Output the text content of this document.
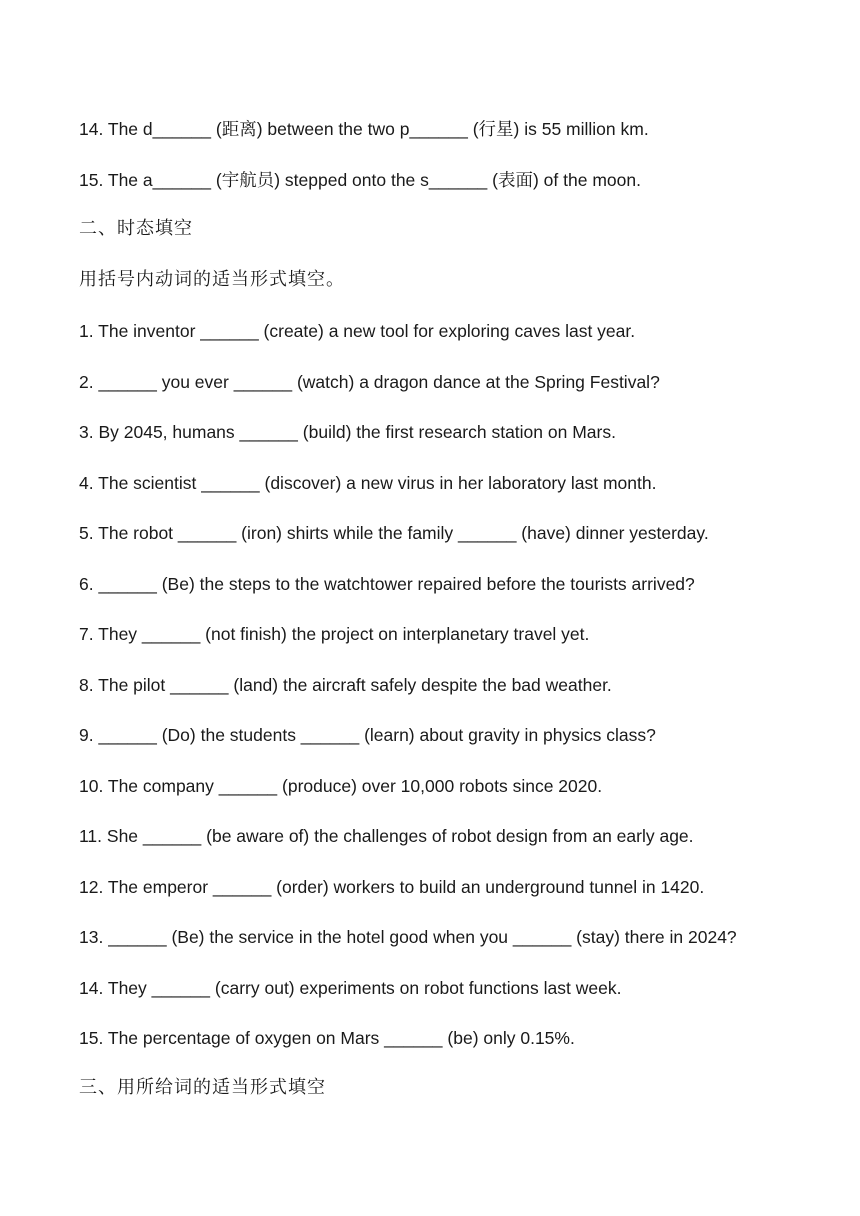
14. The d______ (距离) between the two p______ (行星) is 55 million km.
15. The a______ (宇航员) stepped onto the s______ (表面) of the moon.
二、时态填空
用括号内动词的适当形式填空。
1. The inventor ______ (create) a new tool for exploring caves last year.
2. ______ you ever ______ (watch) a dragon dance at the Spring Festival?
3. By 2045, humans ______ (build) the first research station on Mars.
4. The scientist ______ (discover) a new virus in her laboratory last month.
5. The robot ______ (iron) shirts while the family ______ (have) dinner yesterday.
6. ______ (Be) the steps to the watchtower repaired before the tourists arrived?
7. They ______ (not finish) the project on interplanetary travel yet.
8. The pilot ______ (land) the aircraft safely despite the bad weather.
9. ______ (Do) the students ______ (learn) about gravity in physics class?
10. The company ______ (produce) over 10,000 robots since 2020.
11. She ______ (be aware of) the challenges of robot design from an early age.
12. The emperor ______ (order) workers to build an underground tunnel in 1420.
13. ______ (Be) the service in the hotel good when you ______ (stay) there in 2024?
14. They ______ (carry out) experiments on robot functions last week.
15. The percentage of oxygen on Mars ______ (be) only 0.15%.
三、用所给词的适当形式填空
